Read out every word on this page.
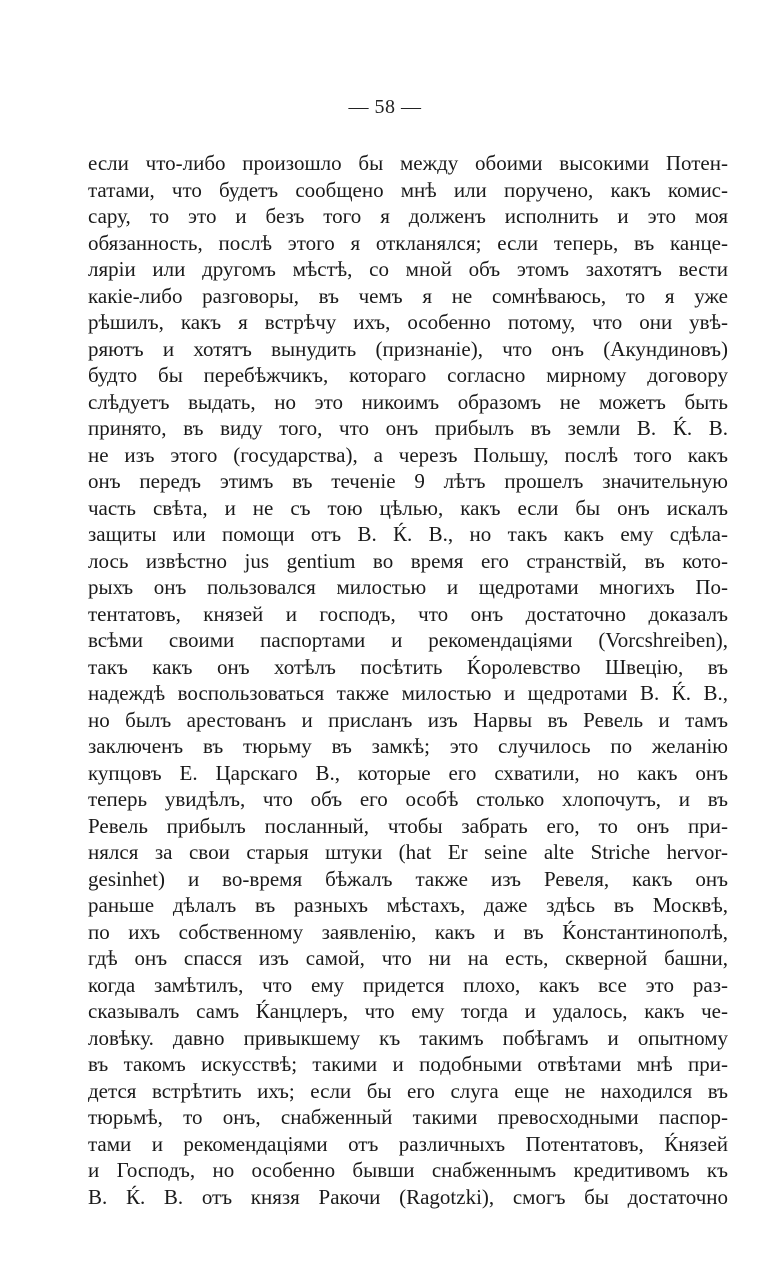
— 58 —
если что-либо произошло бы между обоими высокими Потен-
татами, что будетъ сообщено мнѣ или поручено, какъ комис-
сару, то это и безъ того я долженъ исполнить и это моя
обязанность, послѣ этого я откланялся; если теперь, въ канце-
ляріи или другомъ мѣстѣ, со мной объ этомъ захотятъ вести
какіе-либо разговоры, въ чемъ я не сомнѣваюсь, то я уже
рѣшилъ, какъ я встрѣчу ихъ, особенно потому, что они увѣ-
ряютъ и хотятъ вынудить (признаніе), что онъ (Акундиновъ)
будто бы перебѣжчикъ, котораго согласно мирному договору
слѣдуетъ выдать, но это никоимъ образомъ не можетъ быть
принято, въ виду того, что онъ прибылъ въ земли В. Ќ. В.
не изъ этого (государства), а черезъ Польшу, послѣ того какъ
онъ передъ этимъ въ теченіе 9 лѣтъ прошелъ значительную
часть свѣта, и не съ тою цѣлью, какъ если бы онъ искалъ
защиты или помощи отъ В. Ќ. В., но такъ какъ ему сдѣла-
лось извѣстно jus gentium во время его странствій, въ кото-
рыхъ онъ пользовался милостью и щедротами многихъ По-
тентатовъ, князей и господъ, что онъ достаточно доказалъ
всѣми своими паспортами и рекомендаціями (Vorcshreiben),
такъ какъ онъ хотѣлъ посѣтить Ќоролевство Швецію, въ
надеждѣ воспользоваться также милостью и щедротами В. Ќ. В.,
но былъ арестованъ и присланъ изъ Нарвы въ Ревель и тамъ
заключенъ въ тюрьму въ замкѣ; это случилось по желанію
купцовъ Е. Царскаго В., которые его схватили, но какъ онъ
теперь увидѣлъ, что объ его особѣ столько хлопочутъ, и въ
Ревель прибылъ посланный, чтобы забрать его, то онъ при-
нялся за свои старыя штуки (hat Er seine alte Striche hervor-
gesinhet) и во-время бѣжалъ также изъ Ревеля, какъ онъ
раньше дѣлалъ въ разныхъ мѣстахъ, даже здѣсь въ Москвѣ,
по ихъ собственному заявленію, какъ и въ Ќонстантинополѣ,
гдѣ онъ спасся изъ самой, что ни на есть, скверной башни,
когда замѣтилъ, что ему придется плохо, какъ все это раз-
сказывалъ самъ Ќанцлеръ, что ему тогда и удалось, какъ че-
ловѣку. давно привыкшему къ такимъ побѣгамъ и опытному
въ такомъ искусствѣ; такими и подобными отвѣтами мнѣ при-
дется встрѣтить ихъ; если бы его слуга еще не находился въ
тюрьмѣ, то онъ, снабженный такими превосходными паспор-
тами и рекомендаціями отъ различныхъ Потентатовъ, Ќнязей
и Господъ, но особенно бывши снабженнымъ кредитивомъ къ
В. Ќ. В. отъ князя Ракочи (Ragotzki), смогъ бы достаточно
